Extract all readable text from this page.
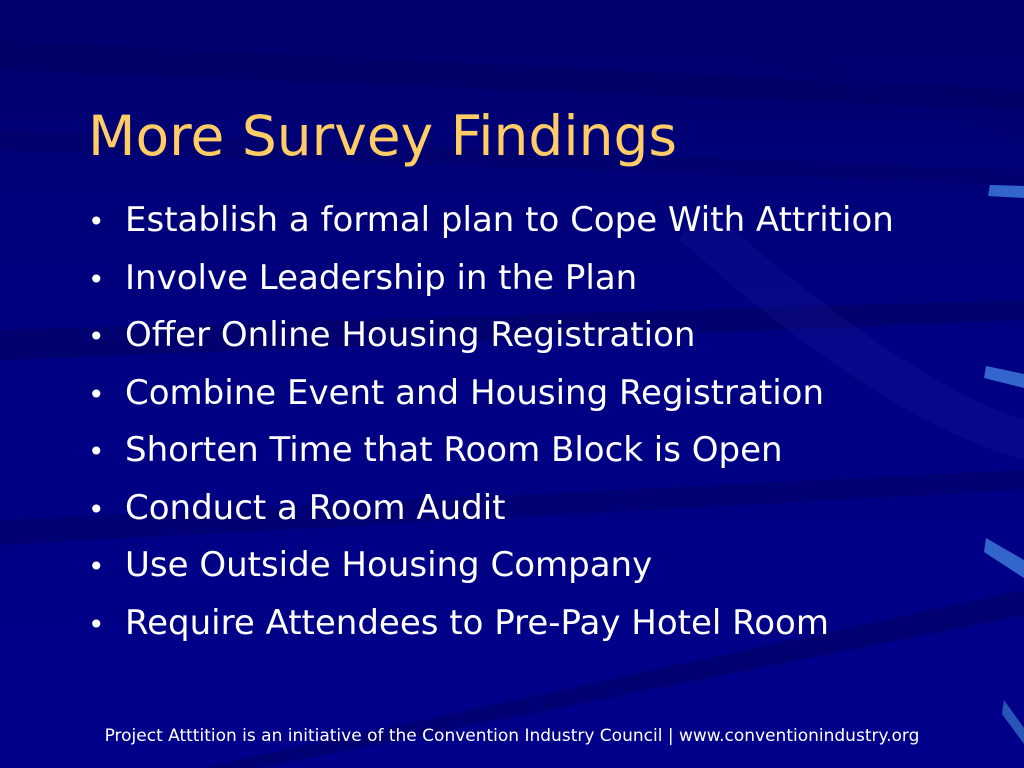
More Survey Findings
• Establish a formal plan to Cope With Attrition
• Involve Leadership in the Plan
• Offer Online Housing Registration
• Combine Event and Housing Registration
• Shorten Time that Room Block is Open
• Conduct a Room Audit
• Use Outside Housing Company
• Require Attendees to Pre-Pay Hotel Room
Project Atttition is an initiative of the Convention Industry Council | www.conventionindustry.org
